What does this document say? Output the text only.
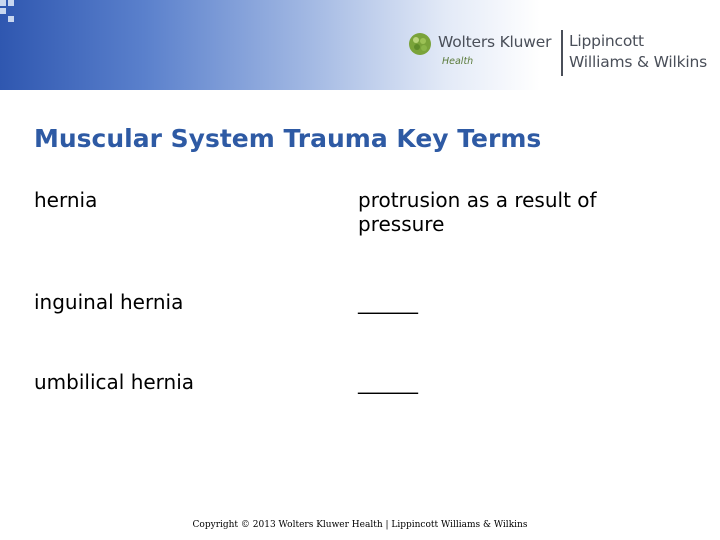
Wolters Kluwer
Health
Lippincott
Williams & Wilkins
Muscular System Trauma Key Terms
hernia	protrusion as a result of pressure
inguinal hernia	______
umbilical hernia	______
Copyright © 2013 Wolters Kluwer Health | Lippincott Williams & Wilkins
